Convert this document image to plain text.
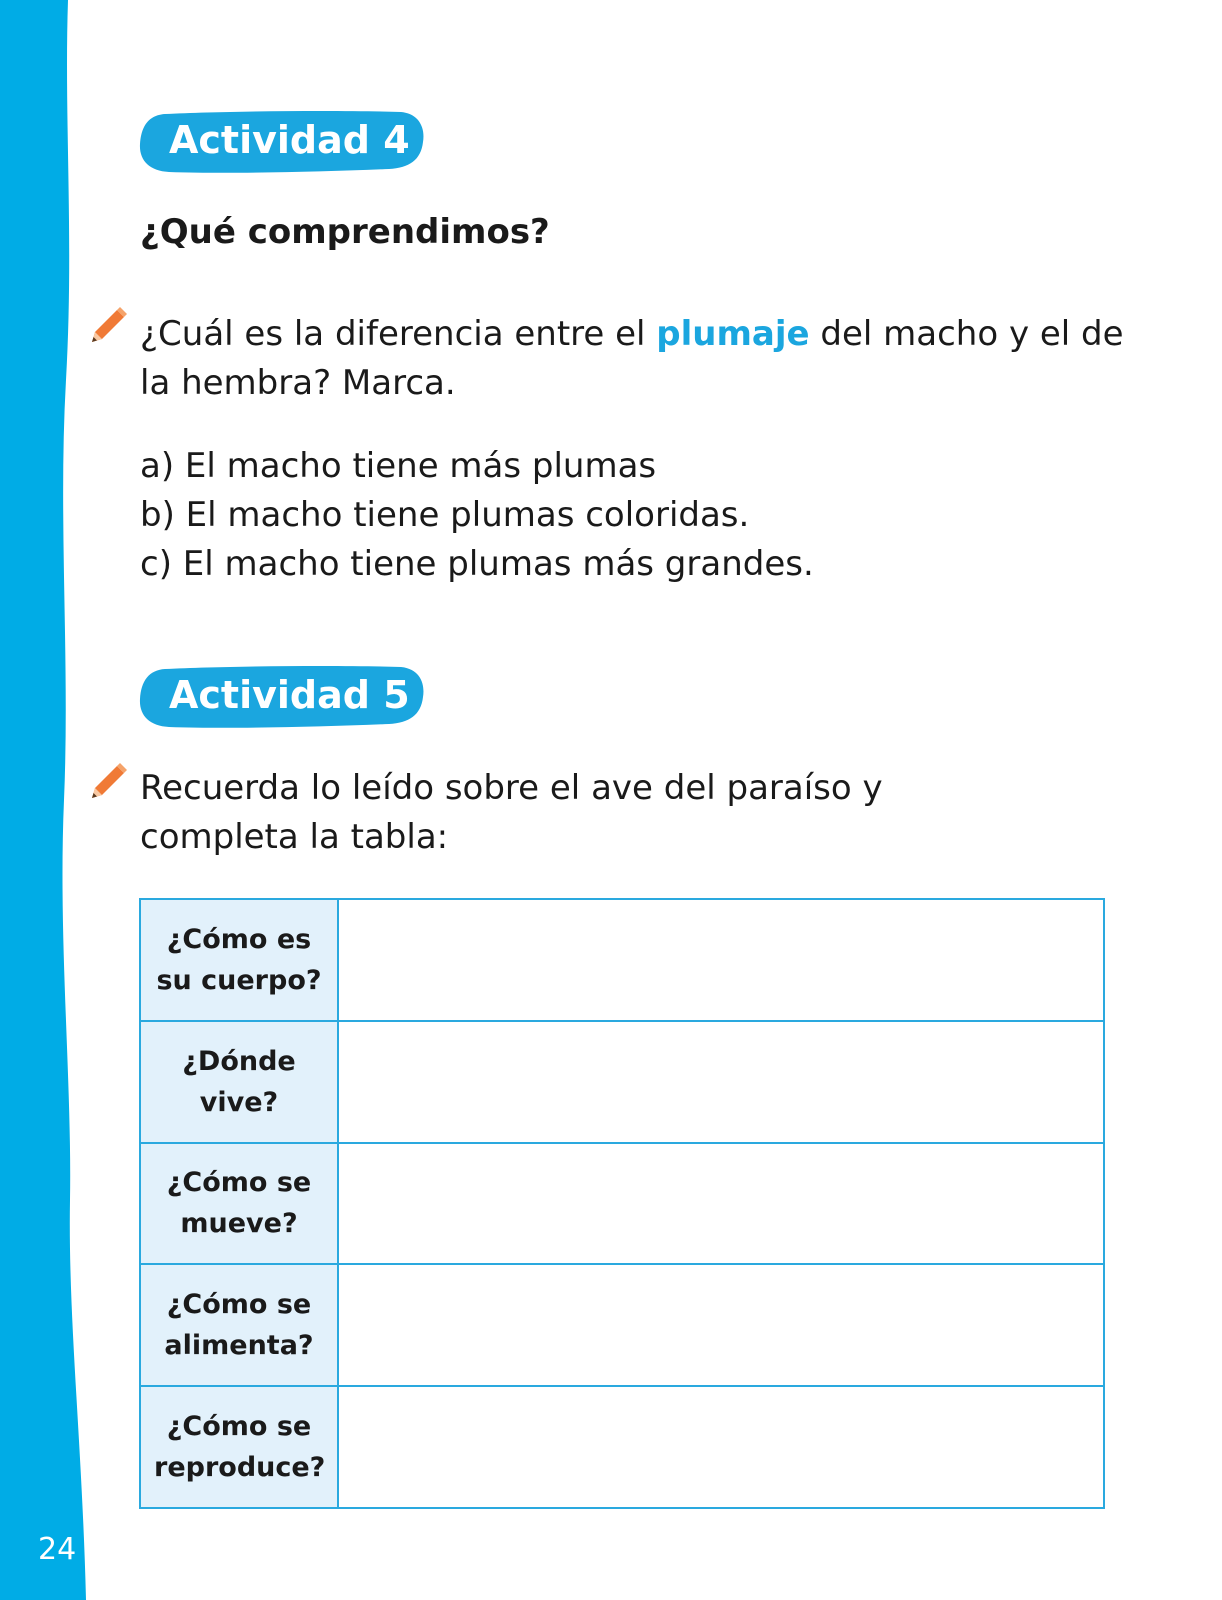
24
Actividad 4
¿Qué comprendimos?
¿Cuál es la diferencia entre el plumaje del macho y el de la hembra? Marca.
a) El macho tiene más plumas
b) El macho tiene plumas coloridas.
c) El macho tiene plumas más grandes.
Actividad 5
Recuerda lo leído sobre el ave del paraíso y completa la tabla:
¿Cómo es su cuerpo?	
¿Dónde vive?	
¿Cómo se mueve?	
¿Cómo se alimenta?	
¿Cómo se reproduce?	
